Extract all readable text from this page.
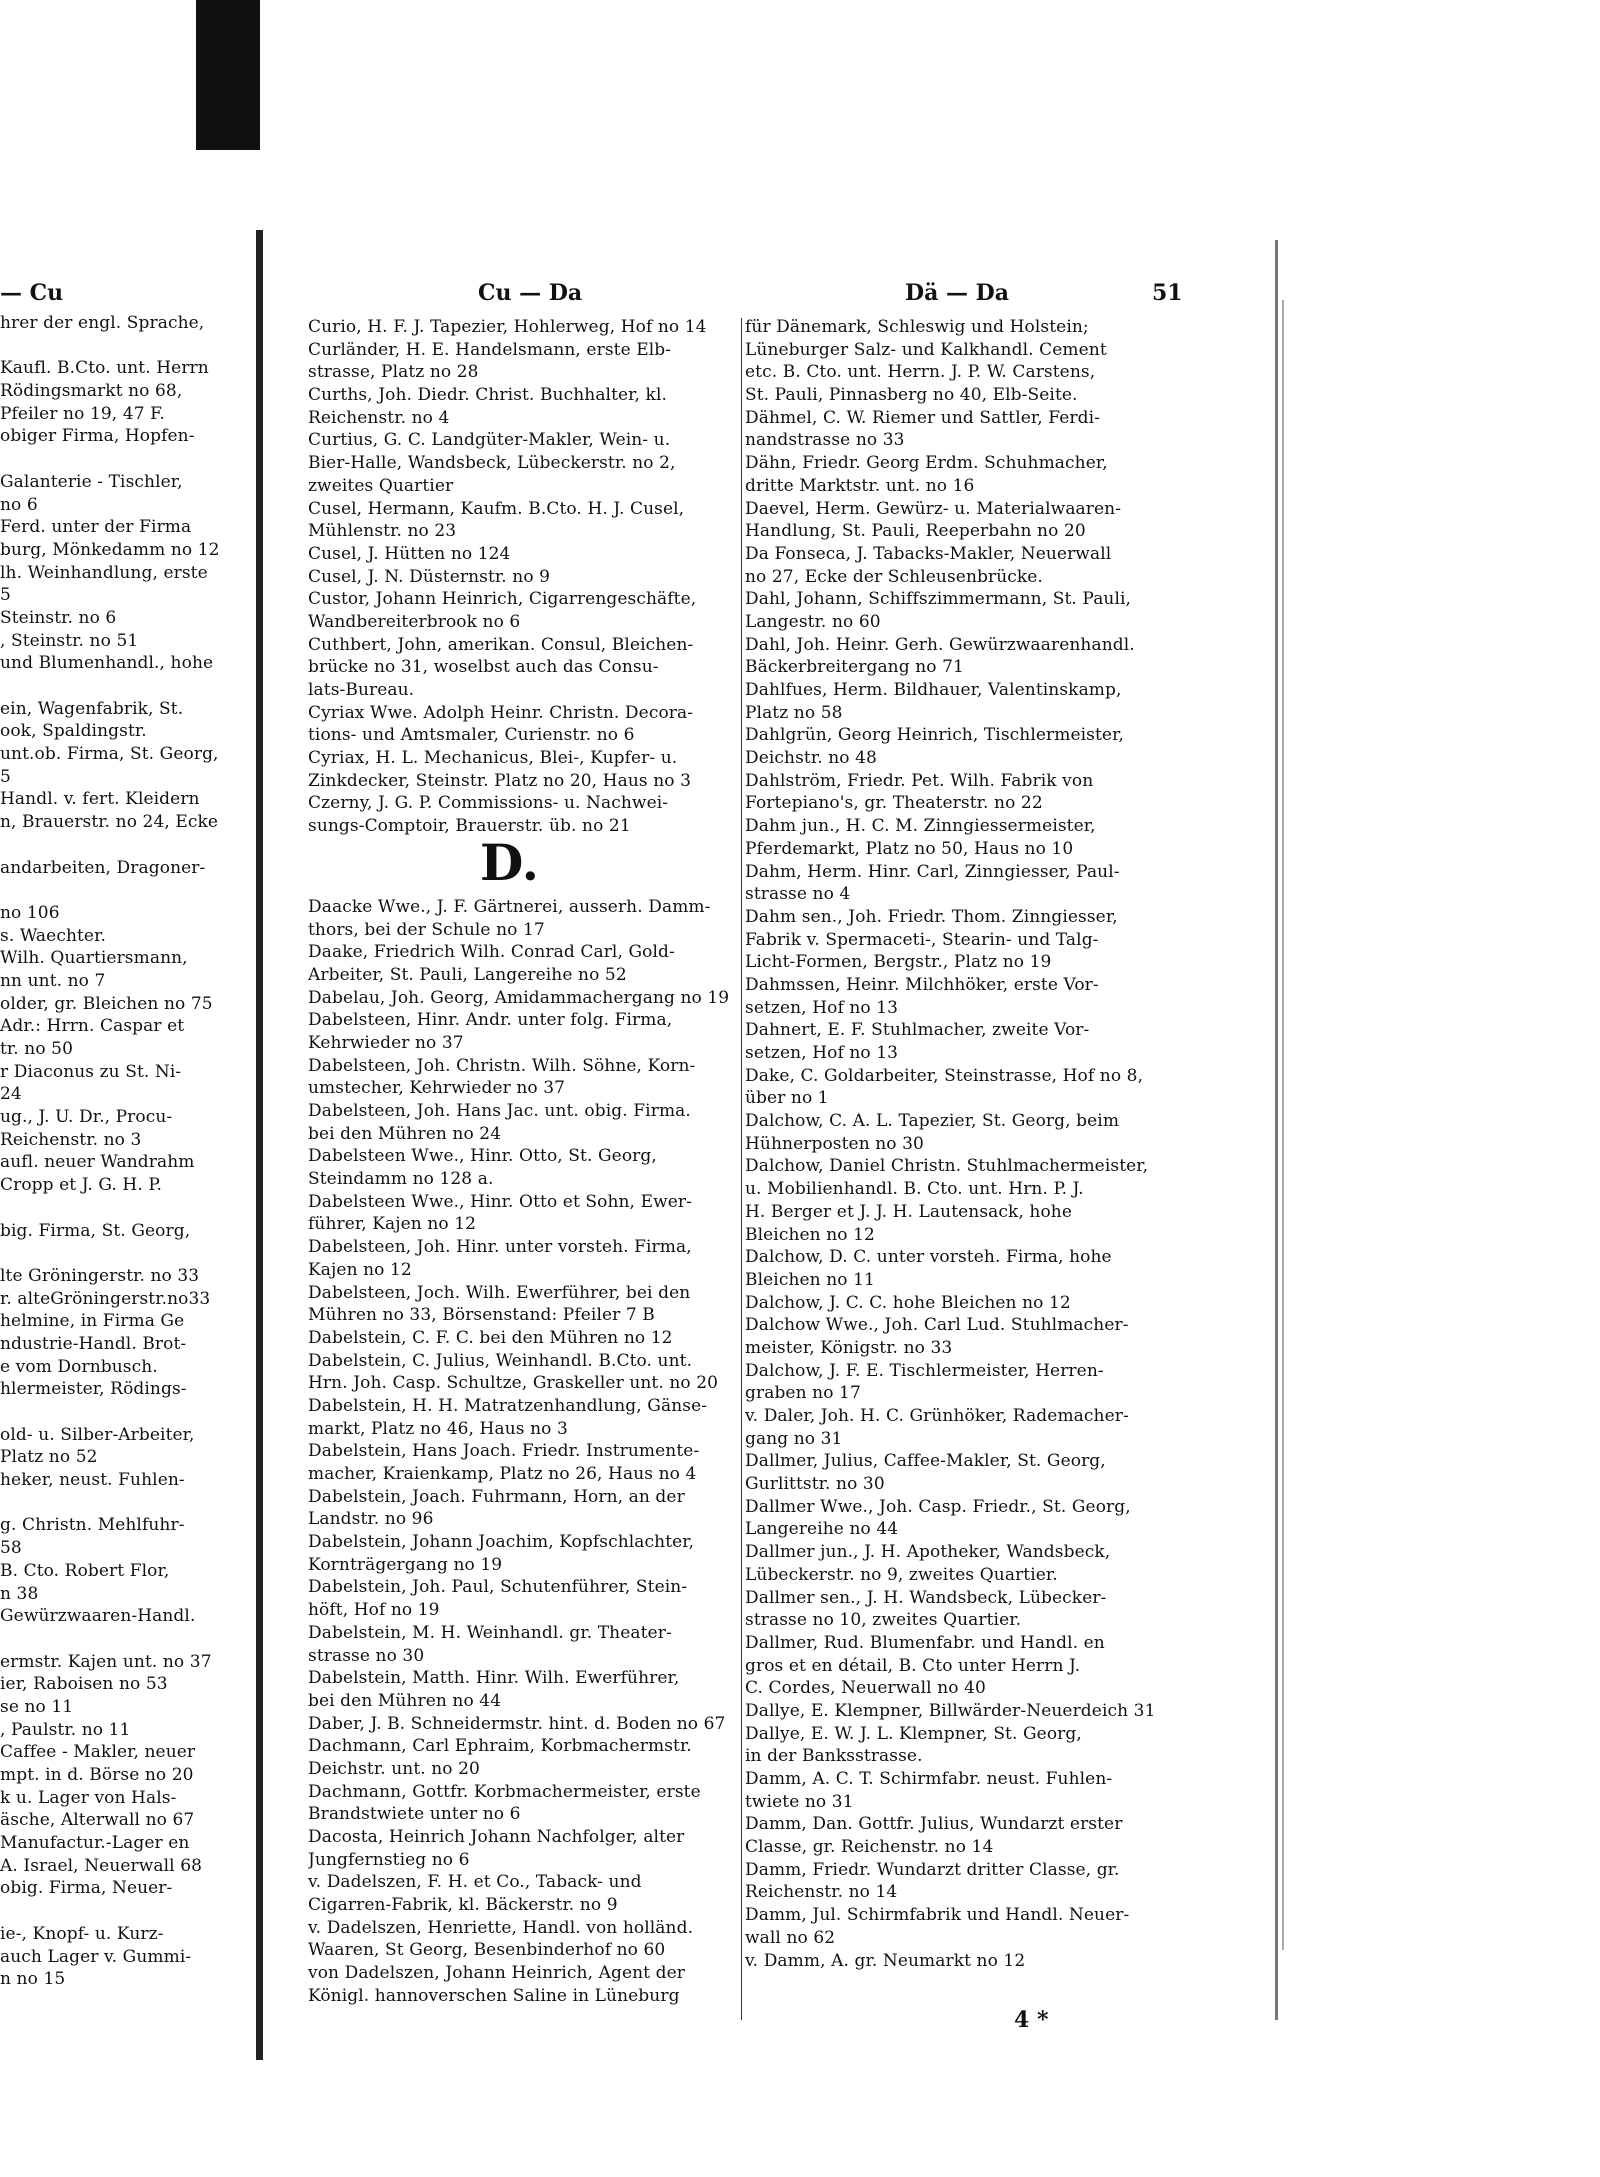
— Cu
hrer der engl. Sprache,
Kaufl. B.Cto. unt. Herrn
Rödingsmarkt no 68,
Pfeiler no 19, 47 F.
obiger Firma, Hopfen-
Galanterie - Tischler,
no 6
Ferd. unter der Firma
burg, Mönkedamm no 12
lh. Weinhandlung, erste
5
Steinstr. no 6
, Steinstr. no 51
und Blumenhandl., hohe
ein, Wagenfabrik, St.
ook, Spaldingstr.
unt.ob. Firma, St. Georg,
5
Handl. v. fert. Kleidern
n, Brauerstr. no 24, Ecke
andarbeiten, Dragoner-
no 106
s. Waechter.
Wilh. Quartiersmann,
nn unt. no 7
older, gr. Bleichen no 75
Adr.: Hrrn. Caspar et
tr. no 50
r Diaconus zu St. Ni-
24
ug., J. U. Dr., Procu-
Reichenstr. no 3
aufl. neuer Wandrahm
Cropp et J. G. H. P.
big. Firma, St. Georg,
lte Gröningerstr. no 33
r. alteGröningerstr.no33
helmine, in Firma Ge
ndustrie-Handl. Brot-
e vom Dornbusch.
hlermeister, Rödings-
old- u. Silber-Arbeiter,
Platz no 52
heker, neust. Fuhlen-
g. Christn. Mehlfuhr-
58
B. Cto. Robert Flor,
n 38
Gewürzwaaren-Handl.
ermstr. Kajen unt. no 37
ier, Raboisen no 53
se no 11
, Paulstr. no 11
Caffee - Makler, neuer
mpt. in d. Börse no 20
k u. Lager von Hals-
äsche, Alterwall no 67
Manufactur.-Lager en
A. Israel, Neuerwall 68
obig. Firma, Neuer-
ie-, Knopf- u. Kurz-
auch Lager v. Gummi-
n no 15
Cu — Da	Dä — Da	51
Curio, H. F. J. Tapezier, Hohlerweg, Hof no 14
Curländer, H. E. Handelsmann, erste Elb-
strasse, Platz no 28
Curths, Joh. Diedr. Christ. Buchhalter, kl.
Reichenstr. no 4
Curtius, G. C. Landgüter-Makler, Wein- u.
Bier-Halle, Wandsbeck, Lübeckerstr. no 2,
zweites Quartier
Cusel, Hermann, Kaufm. B.Cto. H. J. Cusel,
Mühlenstr. no 23
Cusel, J. Hütten no 124
Cusel, J. N. Düsternstr. no 9
Custor, Johann Heinrich, Cigarrengeschäfte,
Wandbereiterbrook no 6
Cuthbert, John, amerikan. Consul, Bleichen-
brücke no 31, woselbst auch das Consu-
lats-Bureau.
Cyriax Wwe. Adolph Heinr. Christn. Decora-
tions- und Amtsmaler, Curienstr. no 6
Cyriax, H. L. Mechanicus, Blei-, Kupfer- u.
Zinkdecker, Steinstr. Platz no 20, Haus no 3
Czerny, J. G. P. Commissions- u. Nachwei-
sungs-Comptoir, Brauerstr. üb. no 21
Daacke Wwe., J. F. Gärtnerei, ausserh. Damm-
thors, bei der Schule no 17
Daake, Friedrich Wilh. Conrad Carl, Gold-
Arbeiter, St. Pauli, Langereihe no 52
Dabelau, Joh. Georg, Amidammachergang no 19
Dabelsteen, Hinr. Andr. unter folg. Firma,
Kehrwieder no 37
Dabelsteen, Joh. Christn. Wilh. Söhne, Korn-
umstecher, Kehrwieder no 37
Dabelsteen, Joh. Hans Jac. unt. obig. Firma.
bei den Mühren no 24
Dabelsteen Wwe., Hinr. Otto, St. Georg,
Steindamm no 128 a.
Dabelsteen Wwe., Hinr. Otto et Sohn, Ewer-
führer, Kajen no 12
Dabelsteen, Joh. Hinr. unter vorsteh. Firma,
Kajen no 12
Dabelsteen, Joch. Wilh. Ewerführer, bei den
Mühren no 33, Börsenstand: Pfeiler 7 B
Dabelstein, C. F. C. bei den Mühren no 12
Dabelstein, C. Julius, Weinhandl. B.Cto. unt.
Hrn. Joh. Casp. Schultze, Graskeller unt. no 20
Dabelstein, H. H. Matratzenhandlung, Gänse-
markt, Platz no 46, Haus no 3
Dabelstein, Hans Joach. Friedr. Instrumente-
macher, Kraienkamp, Platz no 26, Haus no 4
Dabelstein, Joach. Fuhrmann, Horn, an der
Landstr. no 96
Dabelstein, Johann Joachim, Kopfschlachter,
Kornträgergang no 19
Dabelstein, Joh. Paul, Schutenführer, Stein-
höft, Hof no 19
Dabelstein, M. H. Weinhandl. gr. Theater-
strasse no 30
Dabelstein, Matth. Hinr. Wilh. Ewerführer,
bei den Mühren no 44
Daber, J. B. Schneidermstr. hint. d. Boden no 67
Dachmann, Carl Ephraim, Korbmachermstr.
Deichstr. unt. no 20
Dachmann, Gottfr. Korbmachermeister, erste
Brandstwiete unter no 6
Dacosta, Heinrich Johann Nachfolger, alter
Jungfernstieg no 6
v. Dadelszen, F. H. et Co., Taback- und
Cigarren-Fabrik, kl. Bäckerstr. no 9
v. Dadelszen, Henriette, Handl. von holländ.
Waaren, St Georg, Besenbinderhof no 60
von Dadelszen, Johann Heinrich, Agent der
Königl. hannoverschen Saline in Lüneburg
für Dänemark, Schleswig und Holstein;
Lüneburger Salz- und Kalkhandl. Cement
etc. B. Cto. unt. Herrn. J. P. W. Carstens,
St. Pauli, Pinnasberg no 40, Elb-Seite.
Dähmel, C. W. Riemer und Sattler, Ferdi-
nandstrasse no 33
Dähn, Friedr. Georg Erdm. Schuhmacher,
dritte Marktstr. unt. no 16
Daevel, Herm. Gewürz- u. Materialwaaren-
Handlung, St. Pauli, Reeperbahn no 20
Da Fonseca, J. Tabacks-Makler, Neuerwall
no 27, Ecke der Schleusenbrücke.
Dahl, Johann, Schiffszimmermann, St. Pauli,
Langestr. no 60
Dahl, Joh. Heinr. Gerh. Gewürzwaarenhandl.
Bäckerbreitergang no 71
Dahlfues, Herm. Bildhauer, Valentinskamp,
Platz no 58
Dahlgrün, Georg Heinrich, Tischlermeister,
Deichstr. no 48
Dahlström, Friedr. Pet. Wilh. Fabrik von
Fortepiano's, gr. Theaterstr. no 22
Dahm jun., H. C. M. Zinngiessermeister,
Pferdemarkt, Platz no 50, Haus no 10
Dahm, Herm. Hinr. Carl, Zinngiesser, Paul-
strasse no 4
Dahm sen., Joh. Friedr. Thom. Zinngiesser,
Fabrik v. Spermaceti-, Stearin- und Talg-
Licht-Formen, Bergstr., Platz no 19
Dahmssen, Heinr. Milchhöker, erste Vor-
setzen, Hof no 13
Dahnert, E. F. Stuhlmacher, zweite Vor-
setzen, Hof no 13
Dake, C. Goldarbeiter, Steinstrasse, Hof no 8,
über no 1
Dalchow, C. A. L. Tapezier, St. Georg, beim
Hühnerposten no 30
Dalchow, Daniel Christn. Stuhlmachermeister,
u. Mobilienhandl. B. Cto. unt. Hrn. P. J.
H. Berger et J. J. H. Lautensack, hohe
Bleichen no 12
Dalchow, D. C. unter vorsteh. Firma, hohe
Bleichen no 11
Dalchow, J. C. C. hohe Bleichen no 12
Dalchow Wwe., Joh. Carl Lud. Stuhlmacher-
meister, Königstr. no 33
Dalchow, J. F. E. Tischlermeister, Herren-
graben no 17
v. Daler, Joh. H. C. Grünhöker, Rademacher-
gang no 31
Dallmer, Julius, Caffee-Makler, St. Georg,
Gurlittstr. no 30
Dallmer Wwe., Joh. Casp. Friedr., St. Georg,
Langereihe no 44
Dallmer jun., J. H. Apotheker, Wandsbeck,
Lübeckerstr. no 9, zweites Quartier.
Dallmer sen., J. H. Wandsbeck, Lübecker-
strasse no 10, zweites Quartier.
Dallmer, Rud. Blumenfabr. und Handl. en
gros et en détail, B. Cto unter Herrn J.
C. Cordes, Neuerwall no 40
Dallye, E. Klempner, Billwärder-Neuerdeich 31
Dallye, E. W. J. L. Klempner, St. Georg,
in der Banksstrasse.
Damm, A. C. T. Schirmfabr. neust. Fuhlen-
twiete no 31
Damm, Dan. Gottfr. Julius, Wundarzt erster
Classe, gr. Reichenstr. no 14
Damm, Friedr. Wundarzt dritter Classe, gr.
Reichenstr. no 14
Damm, Jul. Schirmfabrik und Handl. Neuer-
wall no 62
v. Damm, A. gr. Neumarkt no 12
4 *
D.
